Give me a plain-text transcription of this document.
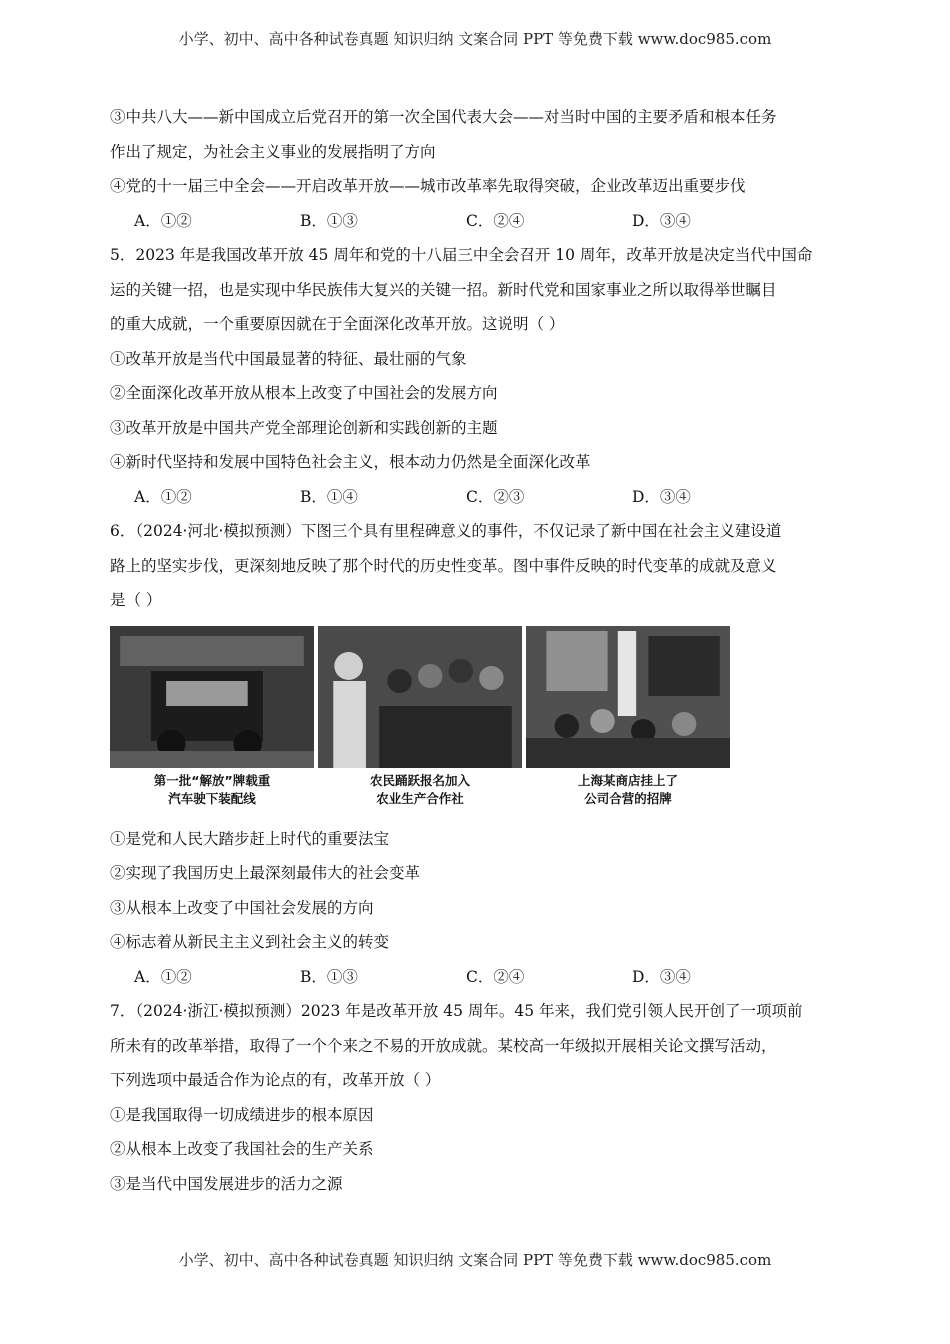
小学、初中、高中各种试卷真题 知识归纳 文案合同 PPT 等免费下载 www.doc985.com

③中共八大——新中国成立后党召开的第一次全国代表大会——对当时中国的主要矛盾和根本任务

作出了规定，为社会主义事业的发展指明了方向

④党的十一届三中全会——开启改革开放——城市改革率先取得突破，企业改革迈出重要步伐

A．①②	B．①③	C．②④	D．③④

5．2023 年是我国改革开放 45 周年和党的十八届三中全会召开 10 周年，改革开放是决定当代中国命

运的关键一招，也是实现中华民族伟大复兴的关键一招。新时代党和国家事业之所以取得举世瞩目

的重大成就，一个重要原因就在于全面深化改革开放。这说明（ ）

①改革开放是当代中国最显著的特征、最壮丽的气象

②全面深化改革开放从根本上改变了中国社会的发展方向

③改革开放是中国共产党全部理论创新和实践创新的主题

④新时代坚持和发展中国特色社会主义，根本动力仍然是全面深化改革

A．①②	B．①④	C．②③	D．③④

6．（2024·河北·模拟预测）下图三个具有里程碑意义的事件，不仅记录了新中国在社会主义建设道

路上的坚实步伐，更深刻地反映了那个时代的历史性变革。图中事件反映的时代变革的成就及意义

是（ ）

第一批“解放”牌载重
汽车驶下装配线
农民踊跃报名加入
农业生产合作社
上海某商店挂上了
公司合营的招牌

①是党和人民大踏步赶上时代的重要法宝

②实现了我国历史上最深刻最伟大的社会变革

③从根本上改变了中国社会发展的方向

④标志着从新民主主义到社会主义的转变

A．①②	B．①③	C．②④	D．③④

7．（2024·浙江·模拟预测）2023 年是改革开放 45 周年。45 年来，我们党引领人民开创了一项项前

所未有的改革举措，取得了一个个来之不易的开放成就。某校高一年级拟开展相关论文撰写活动，

下列选项中最适合作为论点的有，改革开放（ ）

①是我国取得一切成绩进步的根本原因

②从根本上改变了我国社会的生产关系

③是当代中国发展进步的活力之源

小学、初中、高中各种试卷真题 知识归纳 文案合同 PPT 等免费下载 www.doc985.com
